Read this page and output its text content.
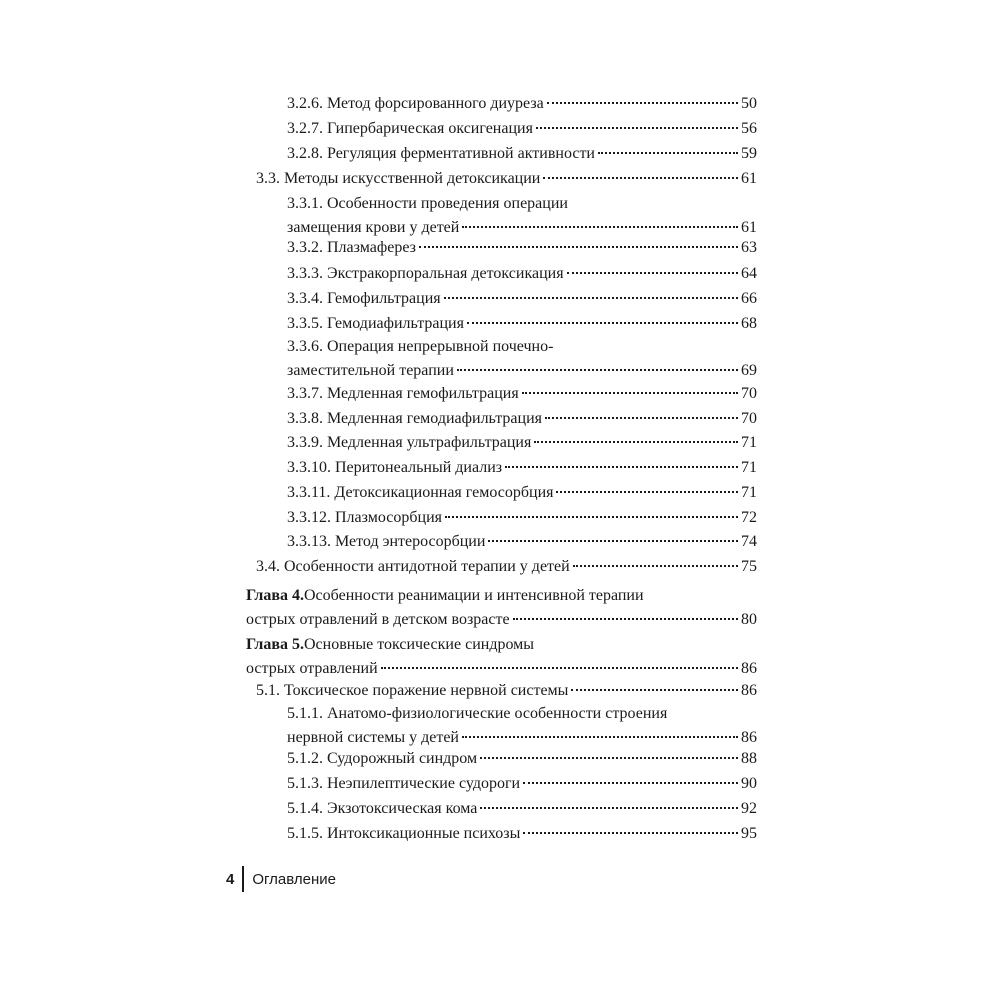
3.2.6. Метод форсированного диуреза	50
3.2.7. Гипербарическая оксигенация	56
3.2.8. Регуляция ферментативной активности	59
3.3. Методы искусственной детоксикации	61
3.3.1. Особенности проведения операции
замещения крови у детей	61
3.3.2. Плазмаферез	63
3.3.3. Экстракорпоральная детоксикация	64
3.3.4. Гемофильтрация	66
3.3.5. Гемодиафильтрация	68
3.3.6. Операция непрерывной почечно-
заместительной терапии	69
3.3.7. Медленная гемофильтрация	70
3.3.8. Медленная гемодиафильтрация	70
3.3.9. Медленная ультрафильтрация	71
3.3.10. Перитонеальный диализ	71
3.3.11. Детоксикационная гемосорбция	71
3.3.12. Плазмосорбция	72
3.3.13. Метод энтеросорбции	74
3.4. Особенности антидотной терапии у детей	75
Глава 4. Особенности реанимации и интенсивной терапии
острых отравлений в детском возрасте	80
Глава 5. Основные токсические синдромы
острых отравлений	86
5.1. Токсическое поражение нервной системы	86
5.1.1. Анатомо-физиологические особенности строения
нервной системы у детей	86
5.1.2. Судорожный синдром	88
5.1.3. Неэпилептические судороги	90
5.1.4. Экзотоксическая кома	92
5.1.5. Интоксикационные психозы	95
4 Оглавление
